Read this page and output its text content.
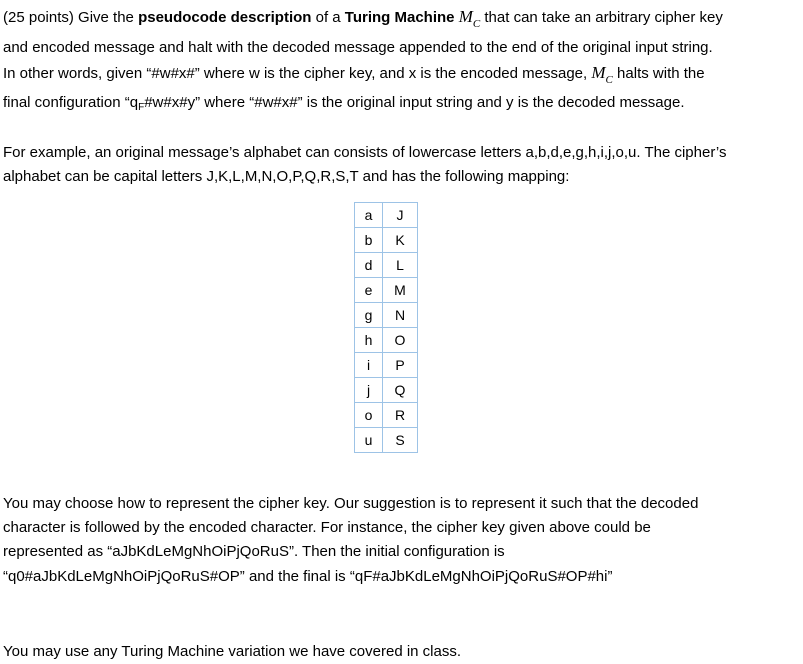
(25 points) Give the pseudocode description of a Turing Machine $M_C$ that can take an arbitrary cipher key
and encoded message and halt with the decoded message appended to the end of the original input string.
In other words, given “#w#x#” where w is the cipher key, and x is the encoded message, $M_C$ halts with the
final configuration “$q_F\#w\#x\#y$” where “#w#x#” is the original input string and y is the decoded message.
For example, an original message’s alphabet can consists of lowercase letters a,b,d,e,g,h,i,j,o,u. The cipher’s
alphabet can be capital letters J,K,L,M,N,O,P,Q,R,S,T and has the following mapping:
a	J
b	K
d	L
e	M
g	N
h	O
i	P
j	Q
o	R
u	S
You may choose how to represent the cipher key. Our suggestion is to represent it such that the decoded
character is followed by the encoded character. For instance, the cipher key given above could be
represented as “aJbKdLeMgNhOiPjQoRuS”. Then the initial configuration is
“q0#aJbKdLeMgNhOiPjQoRuS#OP” and the final is “qF#aJbKdLeMgNhOiPjQoRuS#OP#hi”
You may use any Turing Machine variation we have covered in class.
